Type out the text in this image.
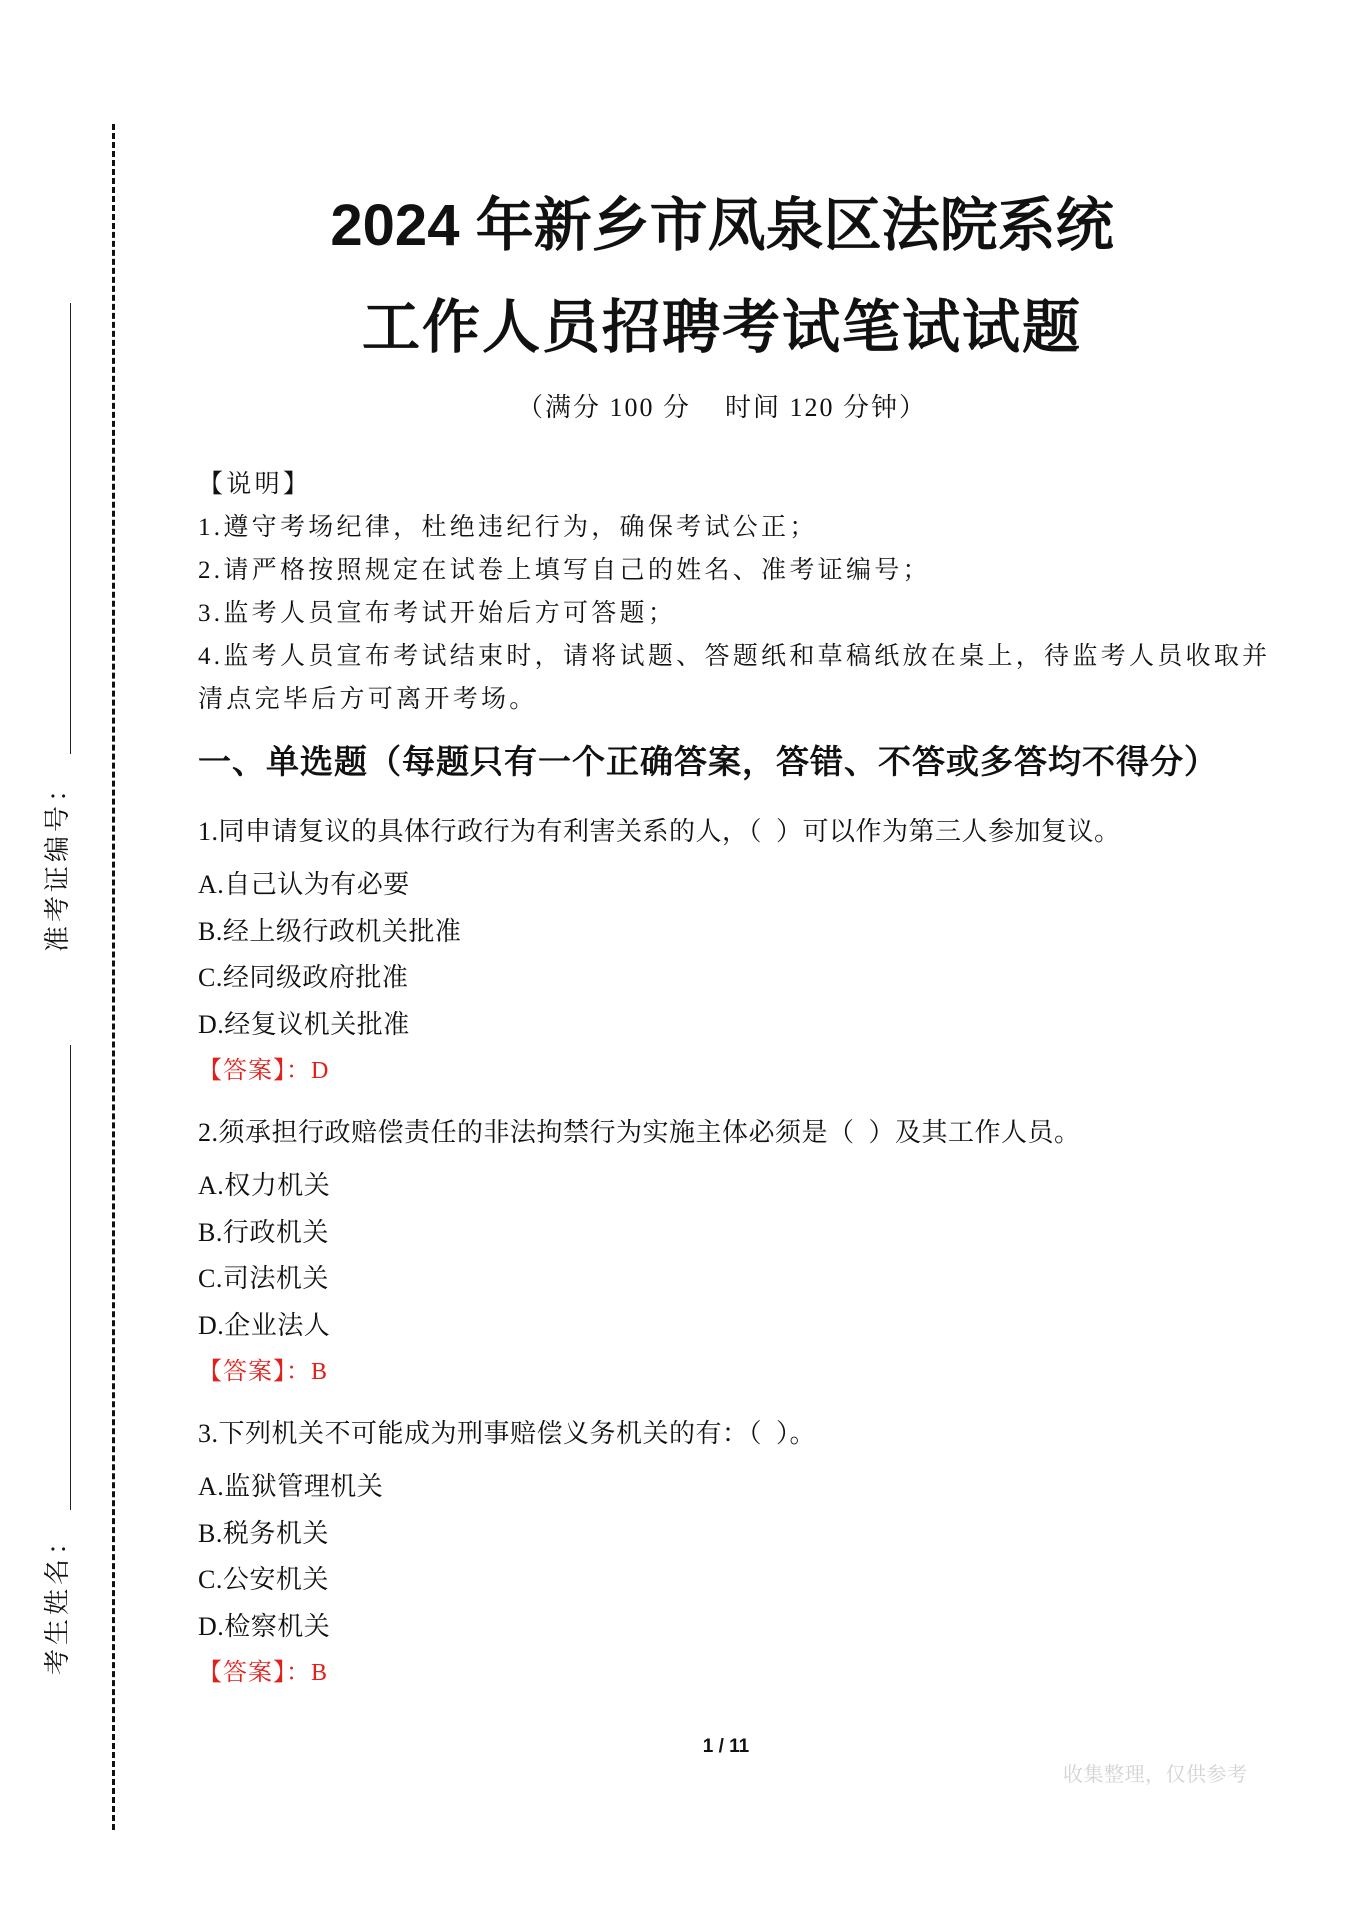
准考证编号：
考生姓名：
2024 年新乡市凤泉区法院系统
工作人员招聘考试笔试试题
（满分 100 分    时间 120 分钟）
【说明】
1.遵守考场纪律，杜绝违纪行为，确保考试公正；
2.请严格按照规定在试卷上填写自己的姓名、准考证编号；
3.监考人员宣布考试开始后方可答题；
4.监考人员宣布考试结束时，请将试题、答题纸和草稿纸放在桌上，待监考人员收取并
清点完毕后方可离开考场。
一、单选题（每题只有一个正确答案，答错、不答或多答均不得分）
1.同申请复议的具体行政行为有利害关系的人，（  ）可以作为第三人参加复议。
A.自己认为有必要
B.经上级行政机关批准
C.经同级政府批准
D.经复议机关批准
【答案】：D
2.须承担行政赔偿责任的非法拘禁行为实施主体必须是（  ）及其工作人员。
A.权力机关
B.行政机关
C.司法机关
D.企业法人
【答案】：B
3.下列机关不可能成为刑事赔偿义务机关的有：（  ）。
A.监狱管理机关
B.税务机关
C.公安机关
D.检察机关
【答案】：B
1 / 11
收集整理，仅供参考
